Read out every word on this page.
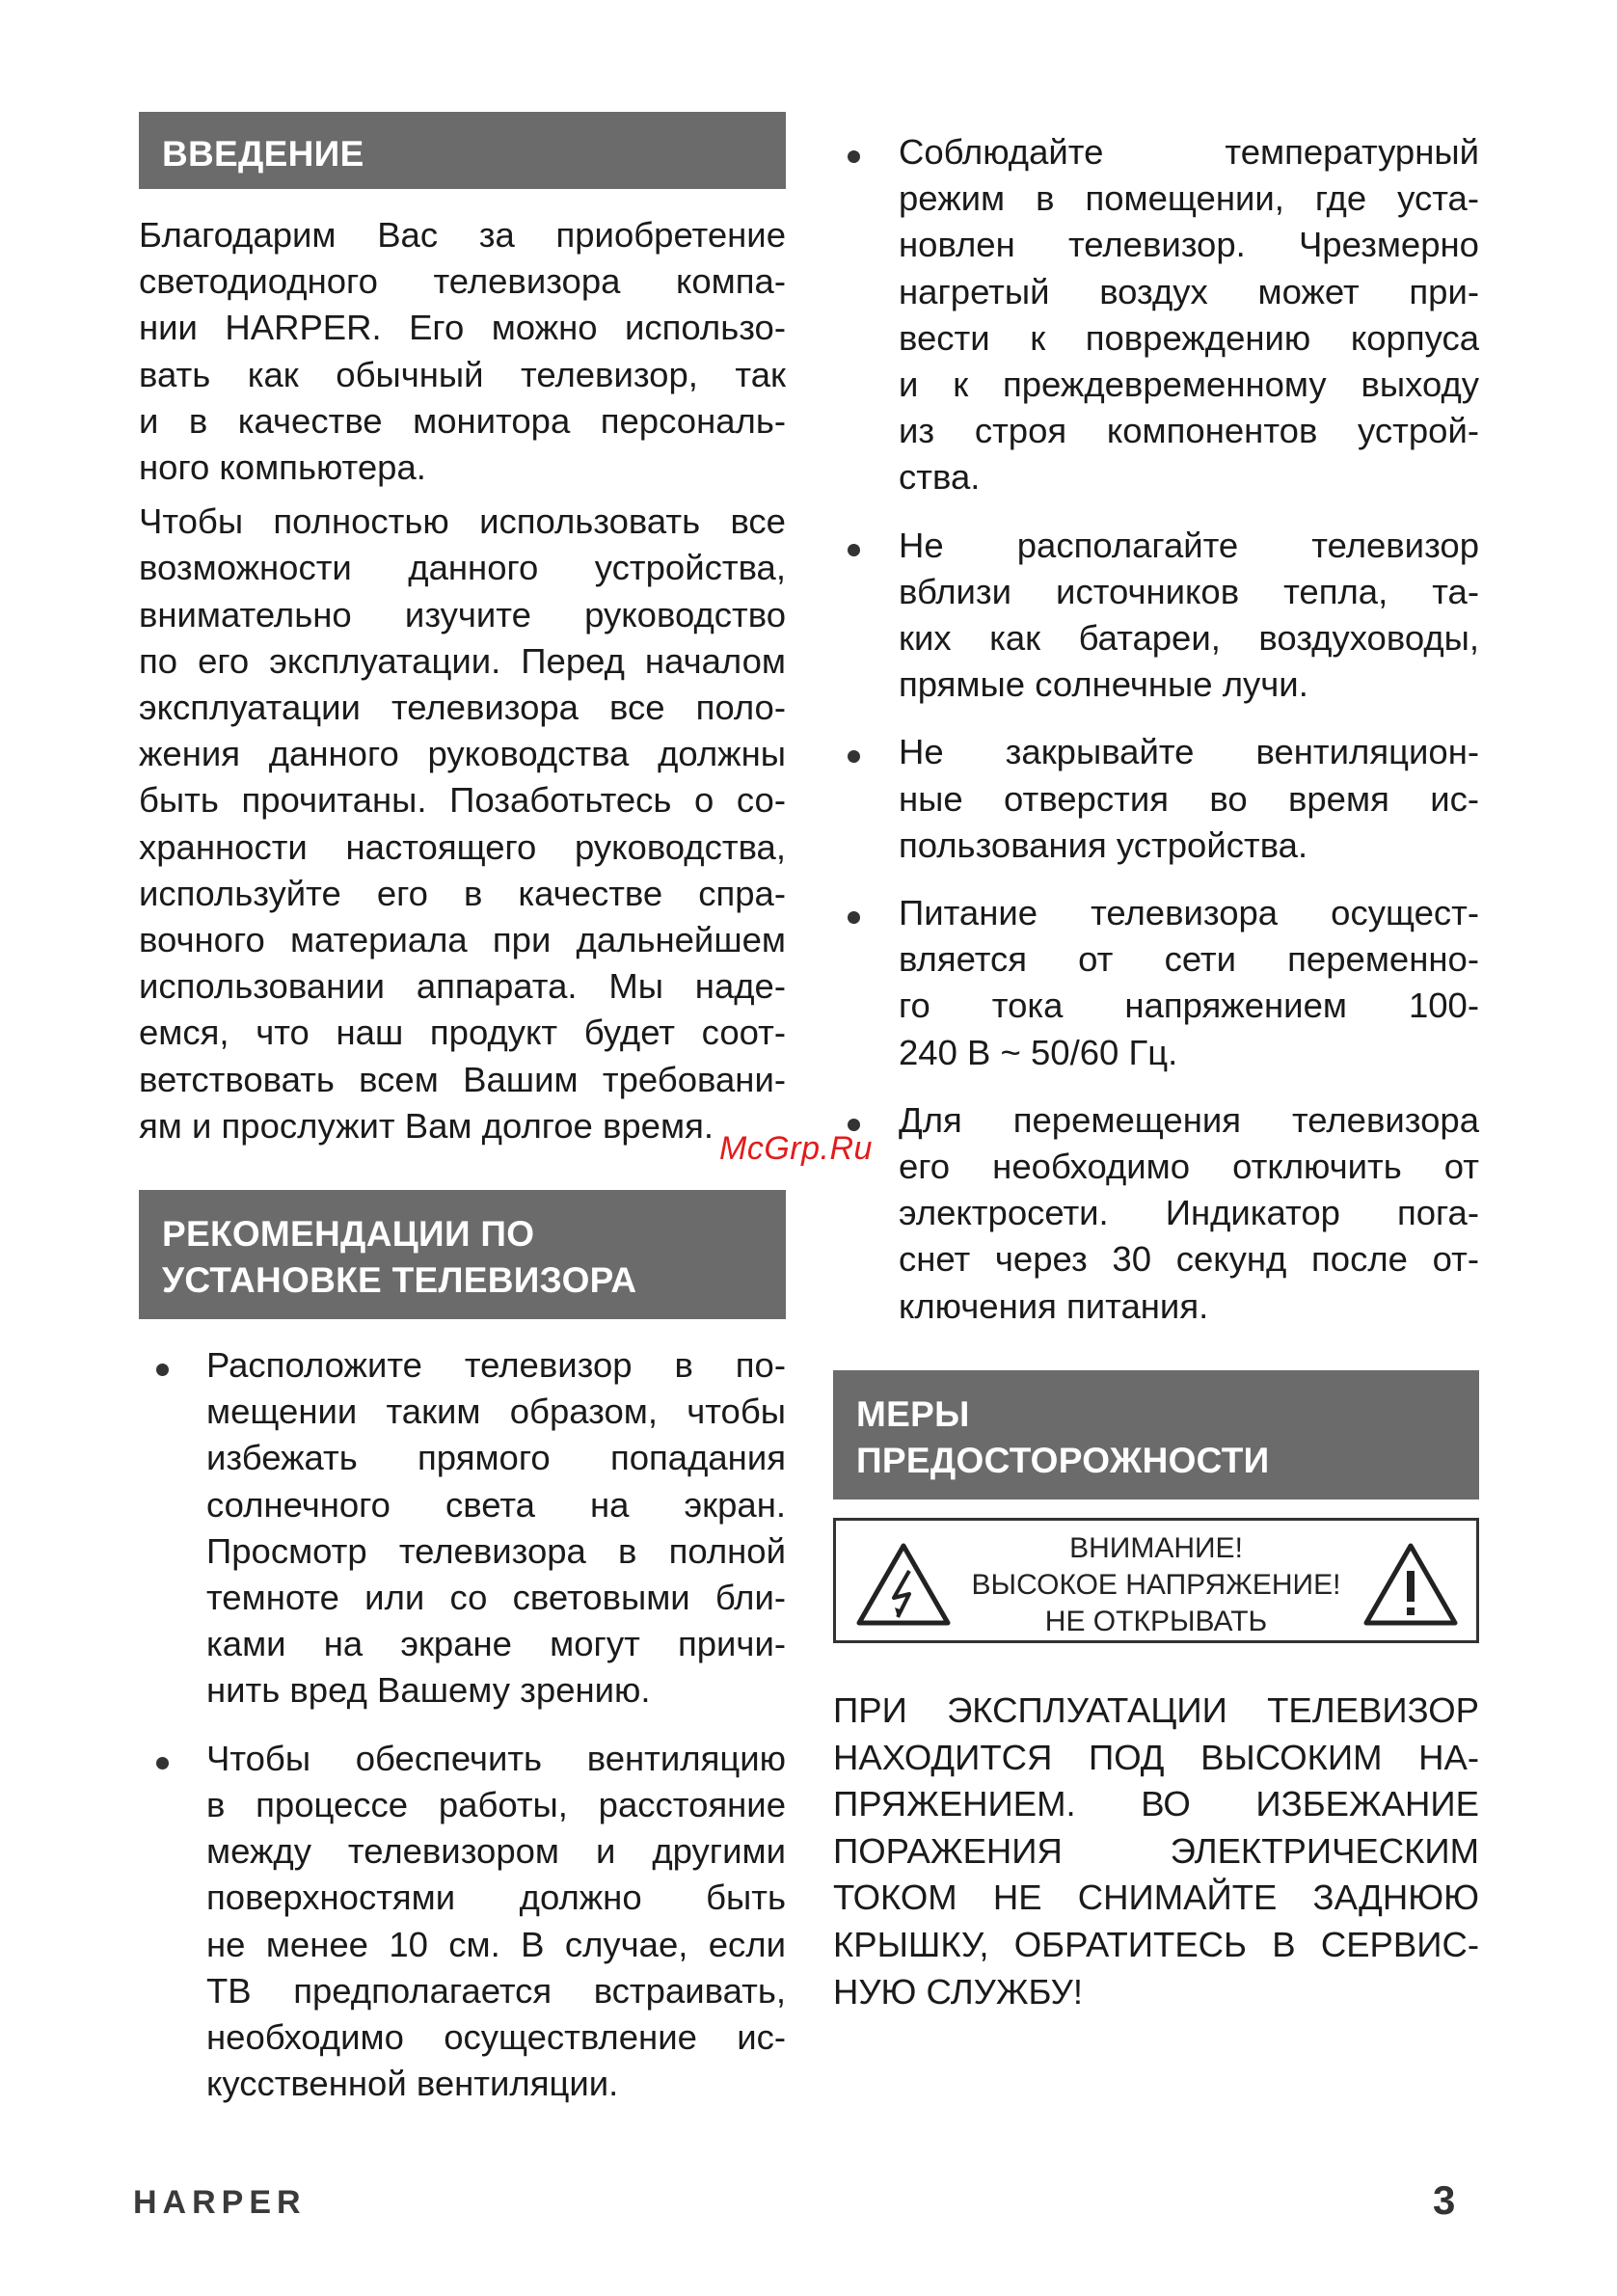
ВВЕДЕНИЕ
Благодарим Вас за приобретение
светодиодного телевизора компа-
нии HARPER. Его можно использо-
вать как обычный телевизор, так
и в качестве монитора персональ-
ного компьютера.
Чтобы полностью использовать все
возможности данного устройства,
внимательно изучите руководство
по его эксплуатации. Перед началом
эксплуатации телевизора все поло-
жения данного руководства должны
быть прочитаны. Позаботьтесь о со-
хранности настоящего руководства,
используйте его в качестве спра-
вочного материала при дальнейшем
использовании аппарата. Мы наде-
емся, что наш продукт будет соот-
ветствовать всем Вашим требовани-
ям и прослужит Вам долгое время.
РЕКОМЕНДАЦИИ ПО
УСТАНОВКЕ ТЕЛЕВИЗОРА
Расположите телевизор в по-
мещении таким образом, чтобы
избежать прямого попадания
солнечного света на экран.
Просмотр телевизора в полной
темноте или со световыми бли-
ками на экране могут причи-
нить вред Вашему зрению.
Чтобы обеспечить вентиляцию
в процессе работы, расстояние
между телевизором и другими
поверхностями должно быть
не менее 10 см. В случае, если
ТВ предполагается встраивать,
необходимо осуществление ис-
кусственной вентиляции.
Соблюдайте температурный
режим в помещении, где уста-
новлен телевизор. Чрезмерно
нагретый воздух может при-
вести к повреждению корпуса
и к преждевременному выходу
из строя компонентов устрой-
ства.
Не располагайте телевизор
вблизи источников тепла, та-
ких как батареи, воздуховоды,
прямые солнечные лучи.
Не закрывайте вентиляцион-
ные отверстия во время ис-
пользования устройства.
Питание телевизора осущест-
вляется от сети переменно-
го тока напряжением 100-
240 В ~ 50/60 Гц.
Для перемещения телевизора
его необходимо отключить от
электросети. Индикатор пога-
снет через 30 секунд после от-
ключения питания.
МЕРЫ
ПРЕДОСТОРОЖНОСТИ
ВНИМАНИЕ!
ВЫСОКОЕ НАПРЯЖЕНИЕ!
НЕ ОТКРЫВАТЬ
ПРИ ЭКСПЛУАТАЦИИ ТЕЛЕВИЗОР
НАХОДИТСЯ ПОД ВЫСОКИМ НА-
ПРЯЖЕНИЕМ. ВО ИЗБЕЖАНИЕ
ПОРАЖЕНИЯ ЭЛЕКТРИЧЕСКИМ
ТОКОМ НЕ СНИМАЙТЕ ЗАДНЮЮ
КРЫШКУ, ОБРАТИТЕСЬ В СЕРВИС-
НУЮ СЛУЖБУ!
McGrp.Ru
HARPER	3
